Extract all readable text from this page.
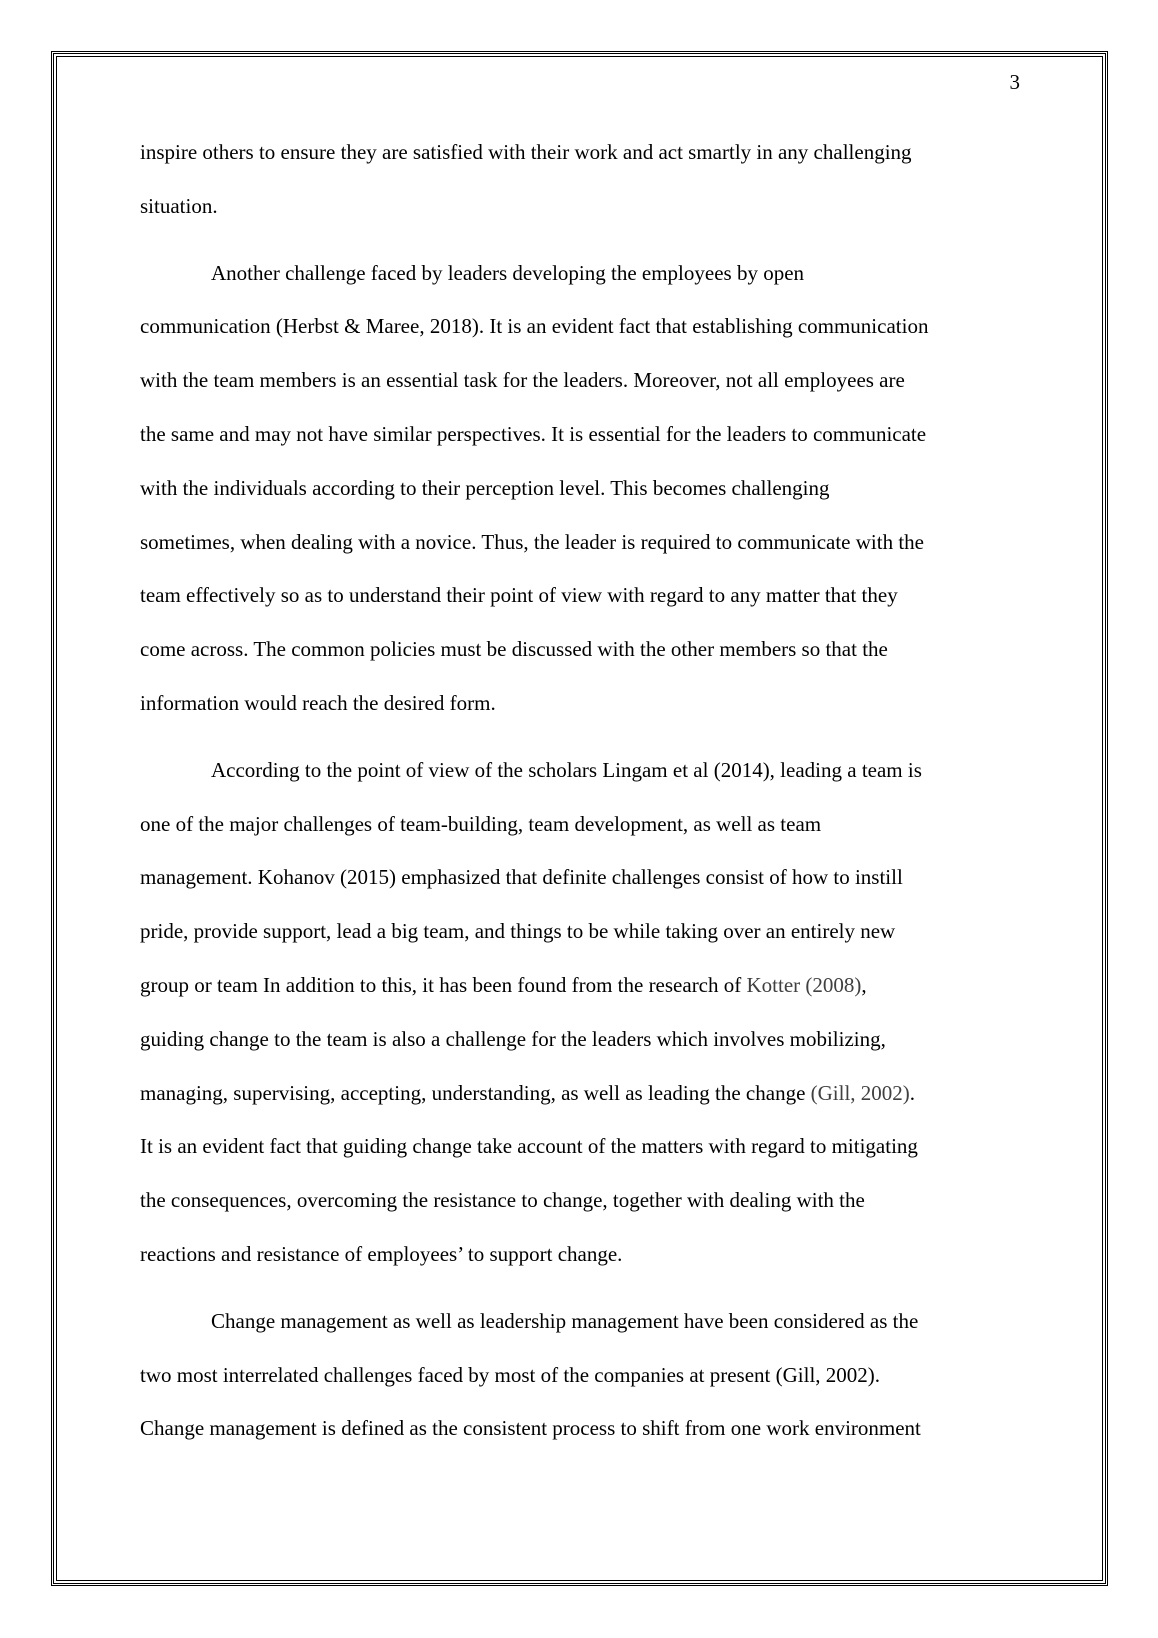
3

inspire others to ensure they are satisfied with their work and act smartly in any challenging
situation.

Another challenge faced by leaders developing the employees by open
communication (Herbst & Maree, 2018). It is an evident fact that establishing communication
with the team members is an essential task for the leaders. Moreover, not all employees are
the same and may not have similar perspectives. It is essential for the leaders to communicate
with the individuals according to their perception level. This becomes challenging
sometimes, when dealing with a novice. Thus, the leader is required to communicate with the
team effectively so as to understand their point of view with regard to any matter that they
come across. The common policies must be discussed with the other members so that the
information would reach the desired form.

According to the point of view of the scholars Lingam et al (2014), leading a team is
one of the major challenges of team-building, team development, as well as team
management. Kohanov (2015) emphasized that definite challenges consist of how to instill
pride, provide support, lead a big team, and things to be while taking over an entirely new
group or team In addition to this, it has been found from the research of Kotter (2008),
guiding change to the team is also a challenge for the leaders which involves mobilizing,
managing, supervising, accepting, understanding, as well as leading the change (Gill, 2002).
It is an evident fact that guiding change take account of the matters with regard to mitigating
the consequences, overcoming the resistance to change, together with dealing with the
reactions and resistance of employees’ to support change.

Change management as well as leadership management have been considered as the
two most interrelated challenges faced by most of the companies at present (Gill, 2002).
Change management is defined as the consistent process to shift from one work environment
